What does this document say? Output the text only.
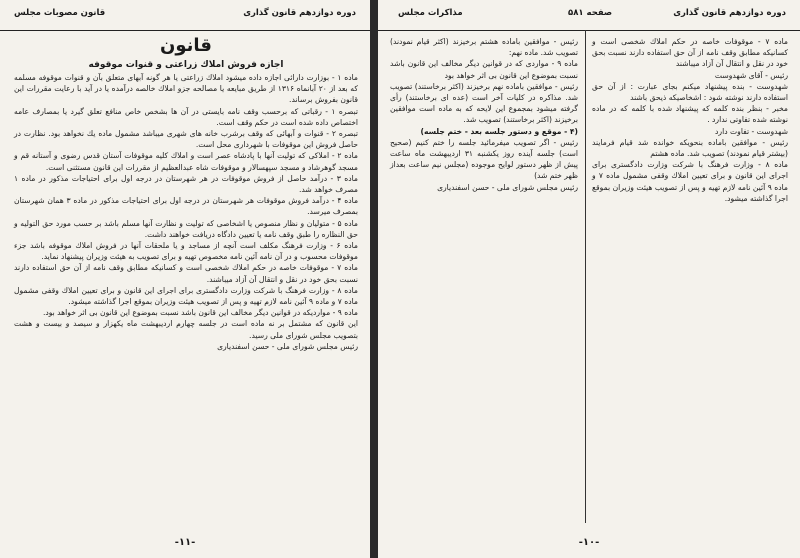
دوره دوازدهم قانون گذاری
قانون مصوبات مجلس

قانون

اجازه فروش املاك زراعتی و قنوات موقوفه

ماده ۱ - بوزارت دارائی اجازه داده میشود املاك زراعتی یا هر گونه آبهای متعلق بآن و قنوات موقوفه مسلمه که بعد از ۲۰ آبانماه ۱۳۱۶ از طریق مبایعه یا مصالحه جزو املاك خالصه درآمده یا در آید با رعایت مقررات این قانون بفروش برساند.

تبصره ۱ - رقباتی که برحسب وقف نامه بایستی در آن ها بشخص خاص منافع تعلق گیرد یا بمصارف عامه اختصاص داده شده است در حکم وقف است.

تبصره ۲ - قنوات و آبهائی که وقف برشرب خانه های شهری میباشد مشمول ماده یك نخواهد بود. نظارت در حاصل فروش این موقوفات با شهرداری محل است.

ماده ۲ - املاکی که تولیت آنها با پادشاه عصر است و املاك کلیه موقوفات آستان قدس رضوی و آستانه قم و مسجد گوهرشاد و مسجد سپهسالار و موقوفات شاه عبدالعظیم از مقررات این قانون مستثنی است.

ماده ۳ - درآمد حاصل از فروش موقوفات در هر شهرستان در درجه اول برای احتیاجات مذکور در ماده ۱ مصرف خواهد شد.

ماده ۴ - درآمد فروش موقوفات هر شهرستان در درجه اول برای احتیاجات مذکور در ماده ۳ همان شهرستان بمصرف میرسد.

ماده ۵ - متولیان و نظار منصوص یا اشخاصی که تولیت و نظارت آنها مسلم باشد بر حسب مورد حق التولیه و حق النظاره را طبق وقف نامه یا تعیین دادگاه دریافت خواهند داشت.

ماده ۶ - وزارت فرهنگ مکلف است آنچه از مساجد و یا ملحقات آنها در فروش املاك موقوفه باشد جزء موقوفات محسوب و در آن نامه آئین نامه مخصوص تهیه و برای تصویب به هیئت وزیران پیشنهاد نماید.

ماده ۷ - موقوفات خاصه در حکم املاك شخصی است و كسانیكه مطابق وقف نامه از آن حق استفاده دارند نسبت بحق خود در نقل و انتقال آن آزاد میباشند.

ماده ۸ - وزارت فرهنگ با شرکت وزارت دادگستری برای اجرای این قانون و برای تعیین املاك وقفی مشمول ماده ۷ و ماده ۹ آئین نامه لازم تهیه و پس از تصویب هیئت وزیران بموقع اجرا گذاشته میشود.

ماده ۹ - مواردیکه در قوانین دیگر مخالف این قانون باشد نسبت بموضوع این قانون بی اثر خواهد بود.

این قانون که مشتمل بر نه ماده است در جلسه چهارم اردیبهشت ماه یکهزار و سیصد و بیست و هشت بتصویب مجلس شورای ملی رسید.

رئیس مجلس شورای ملی - حسن اسفندیاری

-۱۱-
دوره دوازدهم قانون گذاری
صفحه ۵۸۱
مذاکرات مجلس

ماده ۷ - موقوفات خاصه در حکم املاك شخصی است و كسانیكه مطابق وقف نامه از آن حق استفاده دارند نسبت بحق خود در نقل و انتقال آن آزاد میباشند

رئیس - آقای شهدوست

شهدوست - بنده پیشنهاد میکنم بجای عبارت : از آن حق استفاده دارند نوشته شود : اشخاصیکه ذیحق باشند

مخبر - بنظر بنده کلمه که پیشنهاد شده با کلمه که در ماده نوشته شده تفاوتی ندارد .

شهدوست - تفاوت دارد

رئیس - موافقین باماده بنحویکه خوانده شد قیام فرمایند (بیشتر قیام نمودند) تصویب شد. ماده هشتم

ماده ۸ - وزارت فرهنگ با شرکت وزارت دادگستری برای اجرای این قانون و برای تعیین املاك وقفی مشمول ماده ۷ و ماده ۹ آئین نامه لازم تهیه و پس از تصویب هیئت وزیران بموقع اجرا گذاشته میشود.

رئیس - موافقین باماده هشتم برخیزند (اکثر قیام نمودند) تصویب شد. ماده نهم:

ماده ۹ - مواردی که در قوانین دیگر مخالف این قانون باشد نسبت بموضوع این قانون بی اثر خواهد بود

رئیس - موافقین باماده نهم برخیزند (اکثر برخاستند) تصویب شد. مذاکره در کلیات آخر است (عده ای برخاستند) رأی گرفته میشود بمجموع این لایحه که به ماده است موافقین برخیزند (اکثر برخاستند) تصویب شد.

(۴ - موقع و دستور جلسه بعد - ختم جلسه)

رئیس - اگر تصویب میفرمائید جلسه را ختم کنیم (صحیح است) جلسه آینده روز یکشنبه ۳۱ اردیبهشت ماه ساعت پیش از ظهر دستور لوایح موجوده (مجلس نیم ساعت بعداز ظهر ختم شد)

رئیس مجلس شورای ملی - حسن اسفندیاری

-۱۰-
